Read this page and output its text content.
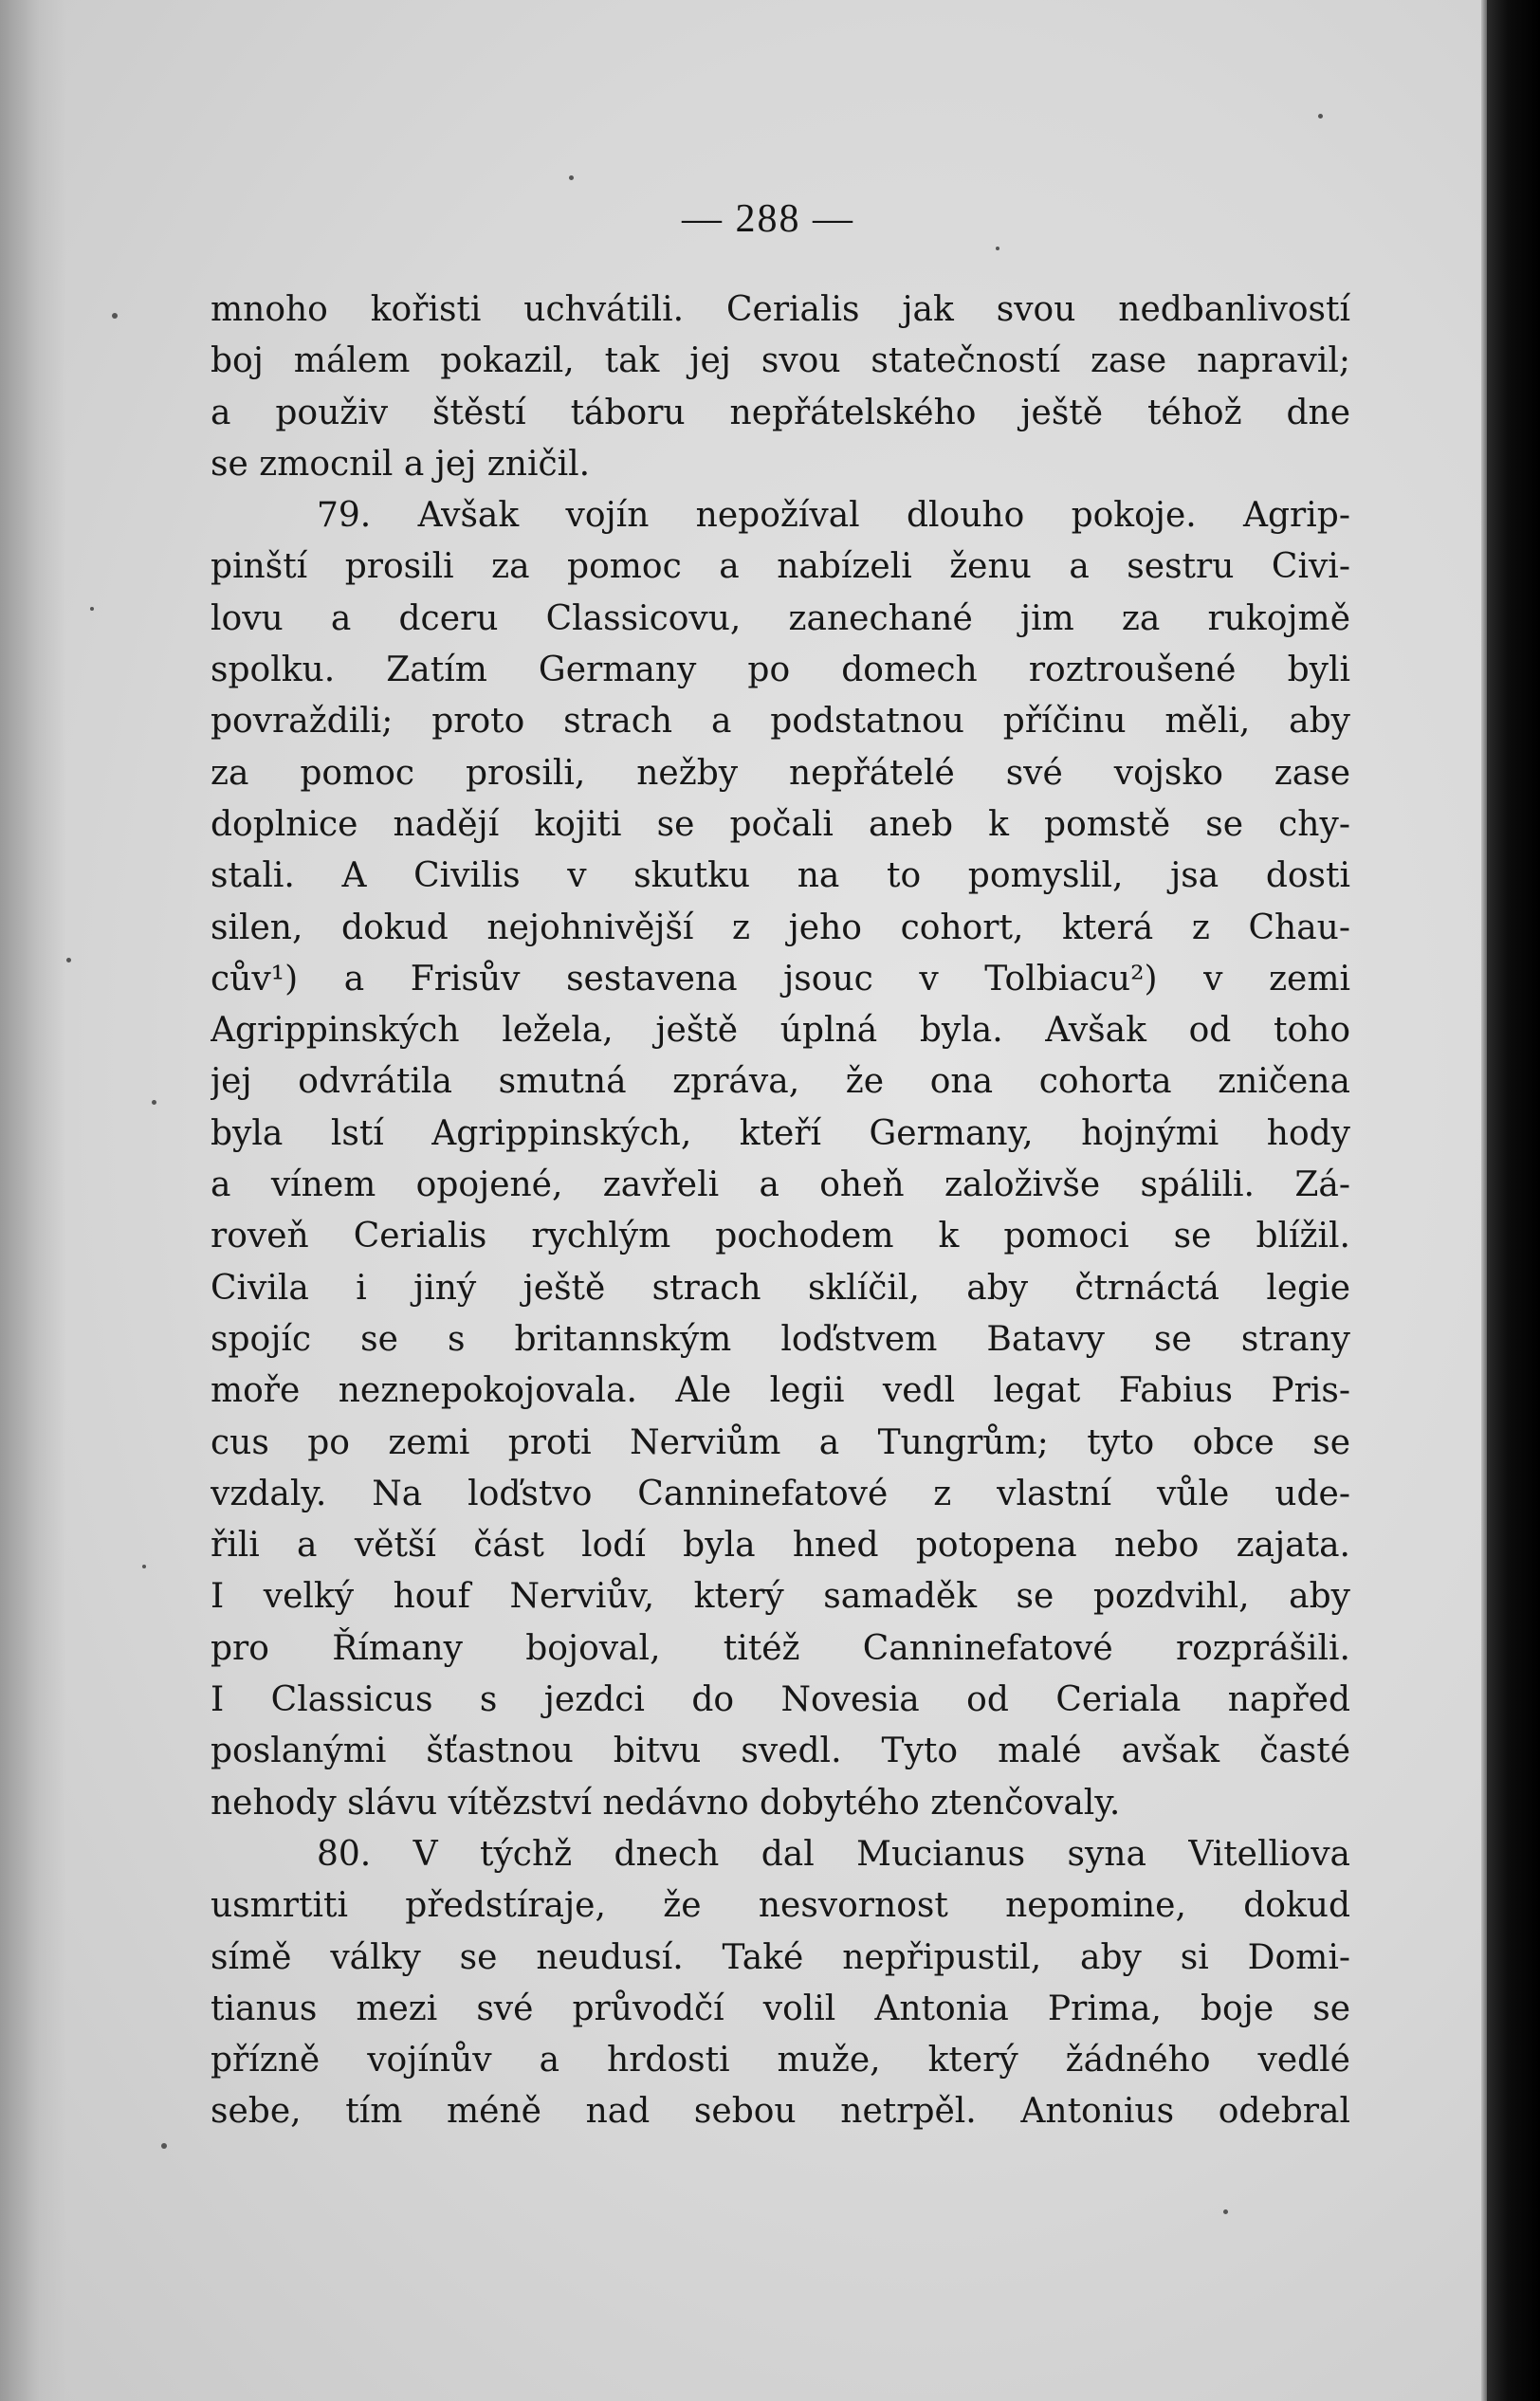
— 288 —
mnoho kořisti uchvátili. Cerialis jak svou nedbanlivostí
boj málem pokazil, tak jej svou statečností zase napravil;
a použiv štěstí táboru nepřátelského ještě téhož dne
se zmocnil a jej zničil.
79. Avšak vojín nepožíval dlouho pokoje. Agrip-
pinští prosili za pomoc a nabízeli ženu a sestru Civi-
lovu a dceru Classicovu, zanechané jim za rukojmě
spolku. Zatím Germany po domech roztroušené byli
povraždili; proto strach a podstatnou příčinu měli, aby
za pomoc prosili, nežby nepřátelé své vojsko zase
doplnice nadějí kojiti se počali aneb k pomstě se chy-
stali. A Civilis v skutku na to pomyslil, jsa dosti
silen, dokud nejohnivější z jeho cohort, která z Chau-
cův¹) a Frisův sestavena jsouc v Tolbiacu²) v zemi
Agrippinských ležela, ještě úplná byla. Avšak od toho
jej odvrátila smutná zpráva, že ona cohorta zničena
byla lstí Agrippinských, kteří Germany, hojnými hody
a vínem opojené, zavřeli a oheň založivše spálili. Zá-
roveň Cerialis rychlým pochodem k pomoci se blížil.
Civila i jiný ještě strach sklíčil, aby čtrnáctá legie
spojíc se s britannským loďstvem Batavy se strany
moře neznepokojovala. Ale legii vedl legat Fabius Pris-
cus po zemi proti Nerviům a Tungrům; tyto obce se
vzdaly. Na loďstvo Canninefatové z vlastní vůle ude-
řili a větší část lodí byla hned potopena nebo zajata.
I velký houf Nerviův, který samaděk se pozdvihl, aby
pro Římany bojoval, titéž Canninefatové rozprášili.
I Classicus s jezdci do Novesia od Ceriala napřed
poslanými šťastnou bitvu svedl. Tyto malé avšak časté
nehody slávu vítězství nedávno dobytého ztenčovaly.
80. V týchž dnech dal Mucianus syna Vitelliova
usmrtiti předstíraje, že nesvornost nepomine, dokud
símě války se neudusí. Také nepřipustil, aby si Domi-
tianus mezi své průvodčí volil Antonia Prima, boje se
přízně vojínův a hrdosti muže, který žádného vedlé
sebe, tím méně nad sebou netrpěl. Antonius odebral
